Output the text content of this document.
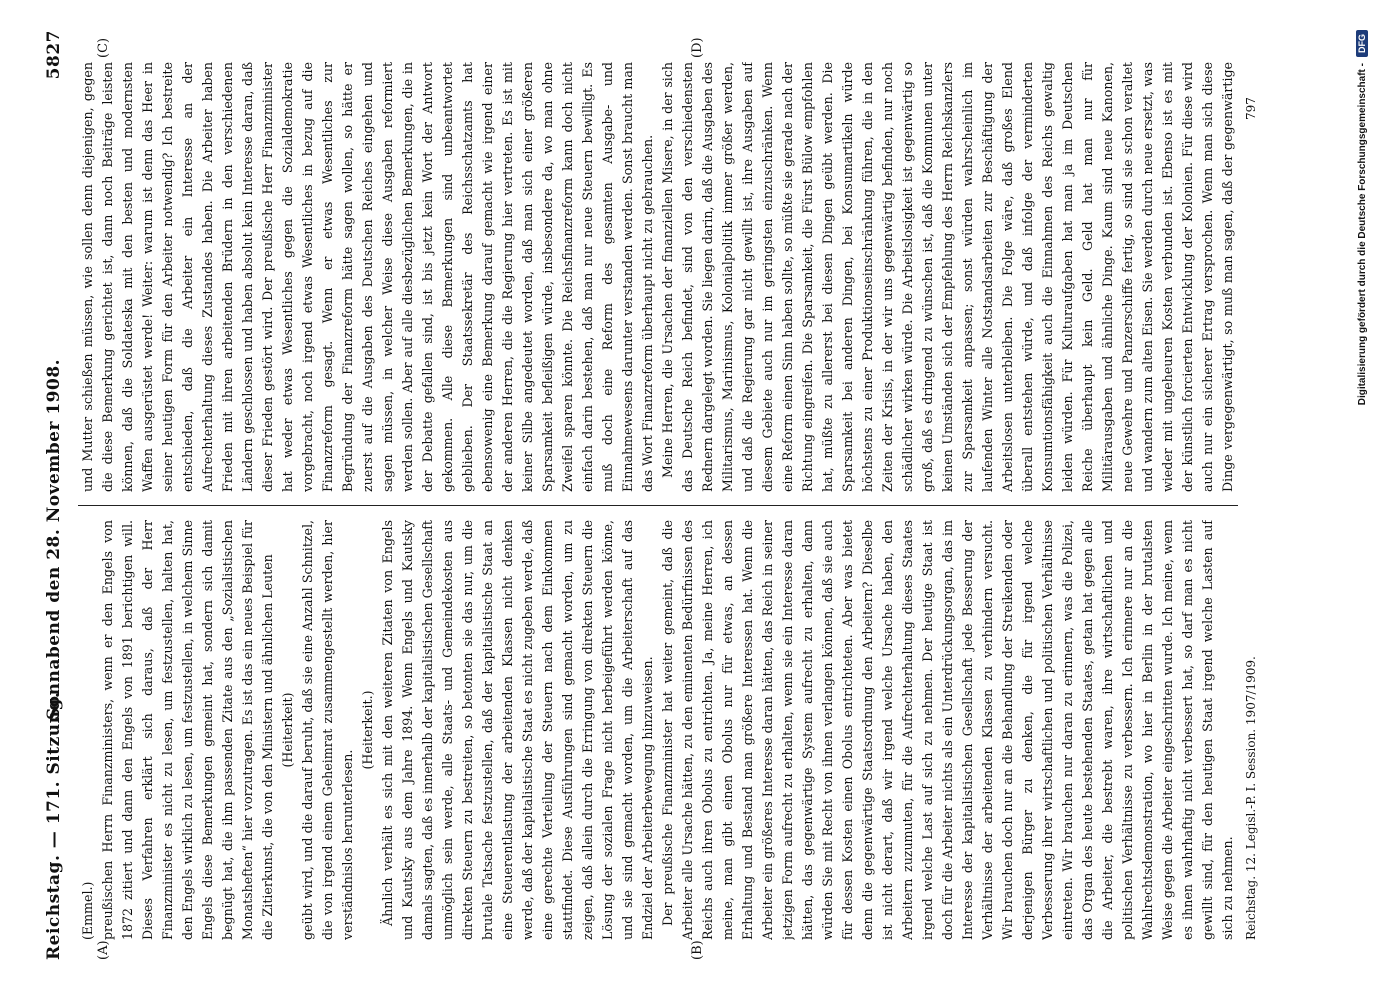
Reichstag. — 171. Sitzung.
Sonnabend den 28. November 1908.
5827
(A)	(B)
(C)	(D)

(Emmel.) preußischen Herrn Finanzministers, wenn er den Engels von 1872 zitiert und dann den Engels von 1891 berichtigen will. Dieses Verfahren erklärt sich daraus, daß der Herr Finanzminister es nicht zu lesen, um festzustellen, halten hat, den Engels wirklich zu lesen, um festzustellen, in welchem Sinne Engels diese Bemerkungen gemeint hat, sondern sich damit begnügt hat, die ihm passenden Zitate aus den „Sozialistischen Monatsheften“ hier vorzutragen. Es ist das ein neues Beispiel für die Zitierkunst, die von den Ministern und ähnlichen Leuten (Heiterkeit) geübt wird, und die darauf beruht, daß sie eine Anzahl Schnitzel, die von irgend einem Geheimrat zusammengestellt werden, hier verständnislos herunterlesen.

(Heiterkeit.) Ähnlich verhält es sich mit den weiteren Zitaten von Engels und Kautsky aus dem Jahre 1894. Wenn Engels und Kautsky damals sagten, daß es innerhalb der kapitalistischen Gesellschaft unmöglich sein werde, alle Staats- und Gemeindekosten aus direkten Steuern zu bestreiten, so betonten sie das nur, um die brutale Tatsache festzustellen, daß der kapitalistische Staat an eine Steuerentlastung der arbeitenden Klassen nicht denken werde, daß der kapitalistische Staat es nicht zugeben werde, daß eine gerechte Verteilung der Steuern nach dem Einkommen stattfindet. Diese Ausführungen sind gemacht worden, um zu zeigen, daß allein durch die Erringung von direkten Steuern die Lösung der sozialen Frage nicht herbeigeführt werden könne, und sie sind gemacht worden, um die Arbeiterschaft auf das Endziel der Arbeiterbewegung hinzuweisen. Der preußische Finanzminister hat weiter gemeint, daß die Arbeiter alle Ursache hätten, zu den eminenten Bedürfnissen des Reichs auch ihren Obolus zu entrichten. Ja, meine Herren, ich meine, man gibt einen Obolus nur für etwas, an dessen Erhaltung und Bestand man größere Interessen hat. Wenn die Arbeiter ein größeres Interesse daran hätten, das Reich in seiner jetzigen Form aufrecht zu erhalten, wenn sie ein Interesse daran hätten, das gegenwärtige System aufrecht zu erhalten, dann würden Sie mit Recht von ihnen verlangen können, daß sie auch für dessen Kosten einen Obolus entrichteten. Aber was bietet denn die gegenwärtige Staatsordnung den Arbeitern? Dieselbe ist nicht derart, daß wir irgend welche Ursache haben, den Arbeitern zuzumuten, für die Aufrechterhaltung dieses Staates irgend welche Last auf sich zu nehmen. Der heutige Staat ist doch für die Arbeiter nichts als ein Unterdrückungsorgan, das im Interesse der kapitalistischen Gesellschaft jede Besserung der Verhältnisse der arbeitenden Klassen zu verhindern versucht. Wir brauchen doch nur an die Behandlung der Streikenden oder derjenigen Bürger zu denken, die für irgend welche Verbesserung ihrer wirtschaftlichen und politischen Verhältnisse eintreten. Wir brauchen nur daran zu erinnern, was die Polizei, das Organ des heute bestehenden Staates, getan hat gegen alle die Arbeiter, die bestrebt waren, ihre wirtschaftlichen und politischen Verhältnisse zu verbessern. Ich erinnere nur an die Wahlrechtsdemonstration, wo hier in Berlin in der brutalsten Weise gegen die Arbeiter eingeschritten wurde. Ich meine, wenn es ihnen wahrhaftig nicht verbessert hat, so darf man es nicht gewillt sind, für den heutigen Staat irgend welche Lasten auf sich zu nehmen.

und Mutter schießen müssen, wie sollen denn diejenigen, gegen die diese Bemerkung gerichtet ist, dann noch Beiträge leisten können, daß die Soldateska mit den besten und modernsten Waffen ausgerüstet werde! Weiter: warum ist denn das Heer in seiner heutigen Form für den Arbeiter notwendig? Ich bestreite entschieden, daß die Arbeiter ein Interesse an der Aufrechterhaltung dieses Zustandes haben. Die Arbeiter haben Frieden mit ihren arbeitenden Brüdern in den verschiedenen Ländern geschlossen und haben absolut kein Interesse daran, daß dieser Frieden gestört wird. Der preußische Herr Finanzminister hat weder etwas Wesentliches gegen die Sozialdemokratie vorgebracht, noch irgend etwas Wesentliches in bezug auf die Finanzreform gesagt. Wenn er etwas Wesentliches zur Begründung der Finanzreform hätte sagen wollen, so hätte er zuerst auf die Ausgaben des Deutschen Reiches eingehen und sagen müssen, in welcher Weise diese Ausgaben reformiert werden sollen. Aber auf alle diesbezüglichen Bemerkungen, die in der Debatte gefallen sind, ist bis jetzt kein Wort der Antwort gekommen. Alle diese Bemerkungen sind unbeantwortet geblieben. Der Staatssekretär des Reichsschatzamts hat ebensowenig eine Bemerkung darauf gemacht wie irgend einer der anderen Herren, die die Regierung hier vertreten. Es ist mit keiner Silbe angedeutet worden, daß man sich einer größeren Sparsamkeit befleißigen würde, insbesondere da, wo man ohne Zweifel sparen könnte. Die Reichsfinanzreform kann doch nicht einfach darin bestehen, daß man nur neue Steuern bewilligt. Es muß doch eine Reform des gesamten Ausgabe- und Einnahmewesens darunter verstanden werden. Sonst braucht man das Wort Finanzreform überhaupt nicht zu gebrauchen. Meine Herren, die Ursachen der finanziellen Misere, in der sich das Deutsche Reich befindet, sind von den verschiedensten Rednern dargelegt worden. Sie liegen darin, daß die Ausgaben des Militarismus, Marinismus, Kolonialpolitik immer größer werden, und daß die Regierung gar nicht gewillt ist, ihre Ausgaben auf diesem Gebiete auch nur im geringsten einzuschränken. Wenn eine Reform einen Sinn haben sollte, so müßte sie gerade nach der Richtung eingreifen. Die Sparsamkeit, die Fürst Bülow empfohlen hat, müßte zu allererst bei diesen Dingen geübt werden. Die Sparsamkeit bei anderen Dingen, bei Konsumartikeln würde höchstens zu einer Produktionseinschränkung führen, die in den Zeiten der Krisis, in der wir uns gegenwärtig befinden, nur noch schädlicher wirken würde. Die Arbeitslosigkeit ist gegenwärtig so groß, daß es dringend zu wünschen ist, daß die Kommunen unter keinen Umständen sich der Empfehlung des Herrn Reichskanzlers zur Sparsamkeit anpassen; sonst würden wahrscheinlich im laufenden Winter alle Notstandsarbeiten zur Beschäftigung der Arbeitslosen unterbleiben. Die Folge wäre, daß großes Elend überall entstehen würde, und daß infolge der verminderten Konsumtionsfähigkeit auch die Einnahmen des Reichs gewaltig leiden würden. Für Kulturaufgaben hat man ja im Deutschen Reiche überhaupt kein Geld. Geld hat man nur für Militärausgaben und ähnliche Dinge. Kaum sind neue Kanonen, neue Gewehre und Panzerschiffe fertig, so sind sie schon veraltet und wandern zum alten Eisen. Sie werden durch neue ersetzt, was wieder mit ungeheuren Kosten verbunden ist. Ebenso ist es mit der künstlich forcierten Entwicklung der Kolonien. Für diese wird auch nur ein sicherer Ertrag versprochen. Wenn man sich diese Dinge vergegenwärtigt, so muß man sagen, daß der gegenwärtige

Reichstag. 12. Legisl.-P. I. Session. 1907/1909.
797	Digitalisierung gefördert durch die Deutsche Forschungsgemeinschaft -
DFG
